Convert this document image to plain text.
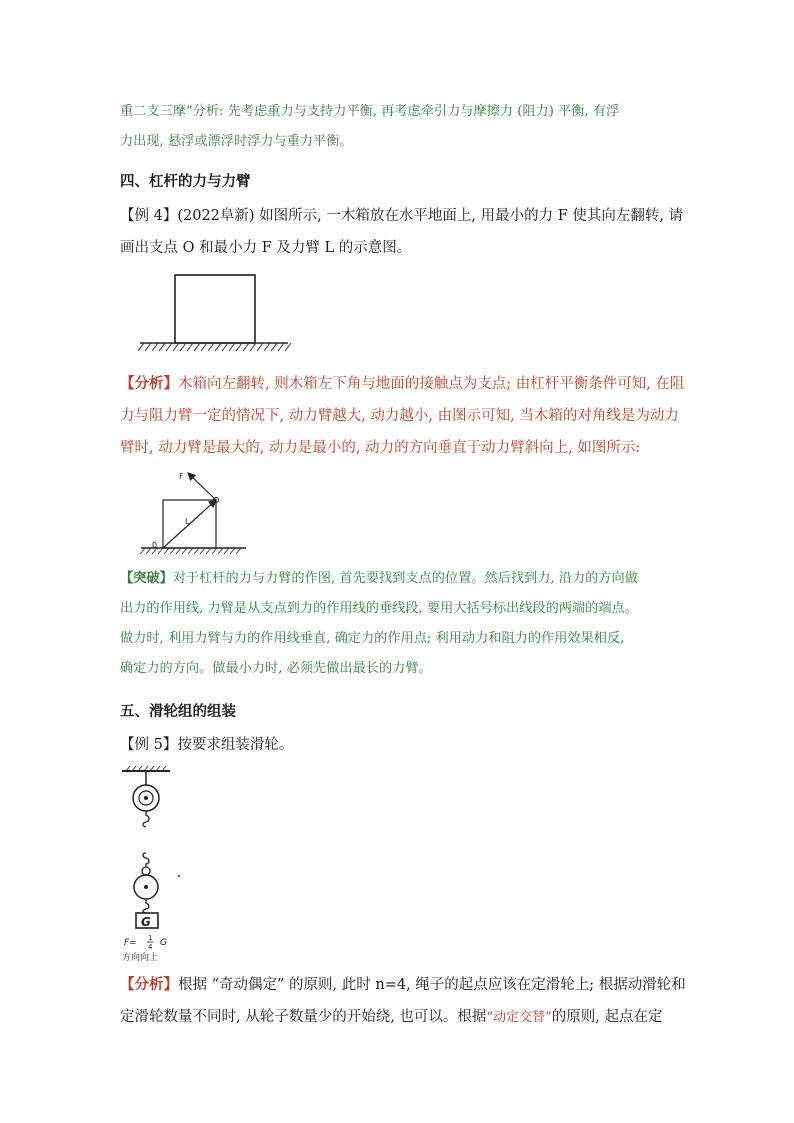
重二支三摩”分析: 先考虑重力与支持力平衡, 再考虑牵引力与摩擦力 (阻力) 平衡, 有浮
力出现, 悬浮或漂浮时浮力与重力平衡。
四、杠杆的力与力臂
【例 4】(2022阜新) 如图所示, 一木箱放在水平地面上, 用最小的力 F 使其向左翻转, 请
画出支点 O 和最小力 F 及力臂 L 的示意图。
【分析】木箱向左翻转, 则木箱左下角与地面的接触点为支点; 由杠杆平衡条件可知, 在阻
力与阻力臂一定的情况下, 动力臂越大, 动力越小, 由图示可知, 当木箱的对角线是为动力
臂时, 动力臂是最大的, 动力是最小的, 动力的方向垂直于动力臂斜向上, 如图所示:
F
L
0
【突破】对于杠杆的力与力臂的作图, 首先要找到支点的位置。然后找到力, 沿力的方向做
出力的作用线, 力臂是从支点到力的作用线的垂线段, 要用大括号标出线段的两端的端点。
做力时, 利用力臂与力的作用线垂直, 确定力的作用点; 利用动力和阻力的作用效果相反,
确定力的方向。做最小力时, 必须先做出最长的力臂。
五、滑轮组的组装
【例 5】按要求组装滑轮。
G
F= 1
4 G
方向向上
【分析】根据 “奇动偶定” 的原则, 此时 n=4, 绳子的起点应该在定滑轮上; 根据动滑轮和
定滑轮数量不同时, 从轮子数量少的开始绕, 也可以。根据“动定交替”的原则, 起点在定
